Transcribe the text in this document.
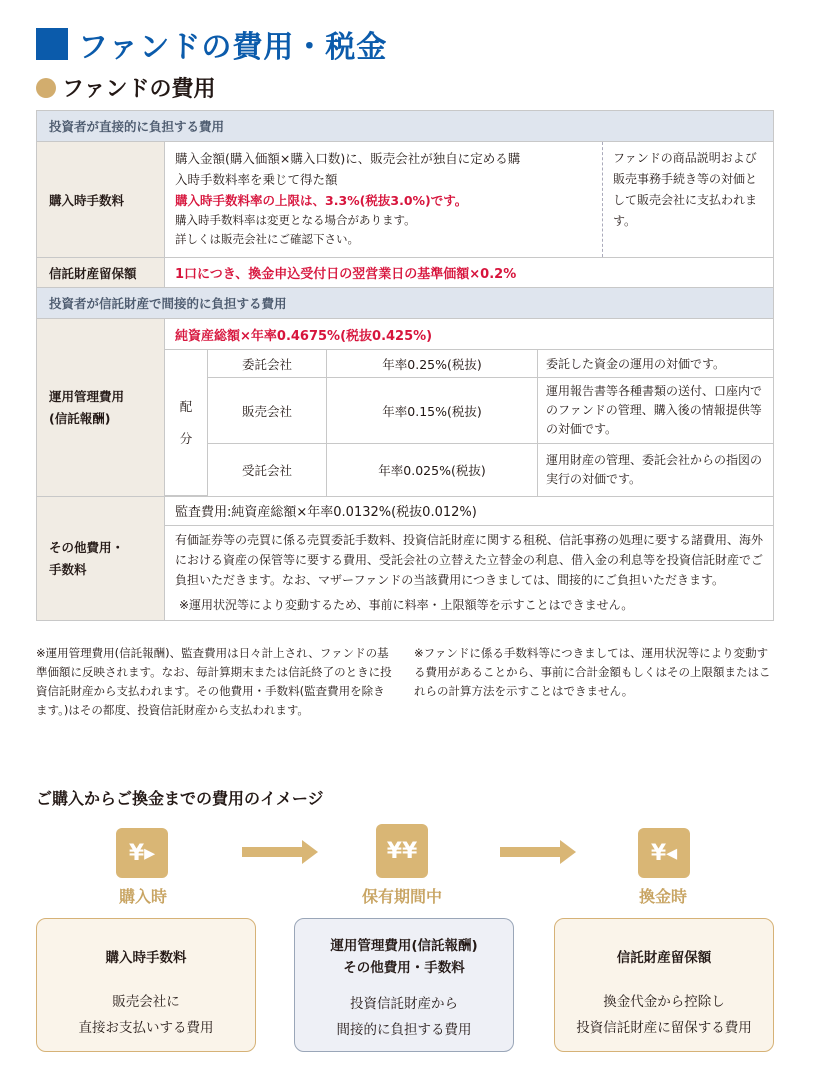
ファンドの費用・税金
ファンドの費用
投資者が直接的に負担する費用
購入時手数料	
購入金額(購入価額×購入口数)に、販売会社が独自に定める購
入時手数料率を乗じて得た額
購入時手数料率の上限は、3.3%(税抜3.0%)です。
購入時手数料率は変更となる場合があります。
詳しくは販売会社にご確認下さい。
	ファンドの商品説明および販売事務手続き等の対価として販売会社に支払われます。
信託財産留保額	1口につき、換金申込受付日の翌営業日の基準価額×0.2%
投資者が信託財産で間接的に負担する費用
運用管理費用
(信託報酬)	
純資産総額×年率0.4675%(税抜0.425%)
配

分	委託会社	年率0.25%(税抜)	委託した資金の運用の対価です。
販売会社	年率0.15%(税抜)	運用報告書等各種書類の送付、口座内でのファンドの管理、購入後の情報提供等の対価です。
受託会社	年率0.025%(税抜)	運用財産の管理、委託会社からの指図の実行の対価です。

その他費用・
手数料	
監査費用:純資産総額×年率0.0132%(税抜0.012%)
有価証券等の売買に係る売買委託手数料、投資信託財産に関する租税、信託事務の処理に要する諸費用、海外における資産の保管等に要する費用、受託会社の立替えた立替金の利息、借入金の利息等を投資信託財産でご負担いただきます。なお、マザーファンドの当該費用につきましては、間接的にご負担いただきます。
※運用状況等により変動するため、事前に料率・上限額等を示すことはできません。
※運用管理費用(信託報酬)、監査費用は日々計上され、ファンドの基準価額に反映されます。なお、毎計算期末または信託終了のときに投資信託財産から支払われます。その他費用・手数料(監査費用を除きます。)はその都度、投資信託財産から支払われます。
※ファンドに係る手数料等につきましては、運用状況等により変動する費用があることから、事前に合計金額もしくはその上限額またはこれらの計算方法を示すことはできません。
ご購入からご換金までの費用のイメージ
¥▸	¥¥	¥◂
購入時	保有期間中	換金時
購入時手数料
販売会社に
直接お支払いする費用
運用管理費用(信託報酬)
その他費用・手数料
投資信託財産から
間接的に負担する費用
信託財産留保額
換金代金から控除し
投資信託財産に留保する費用
